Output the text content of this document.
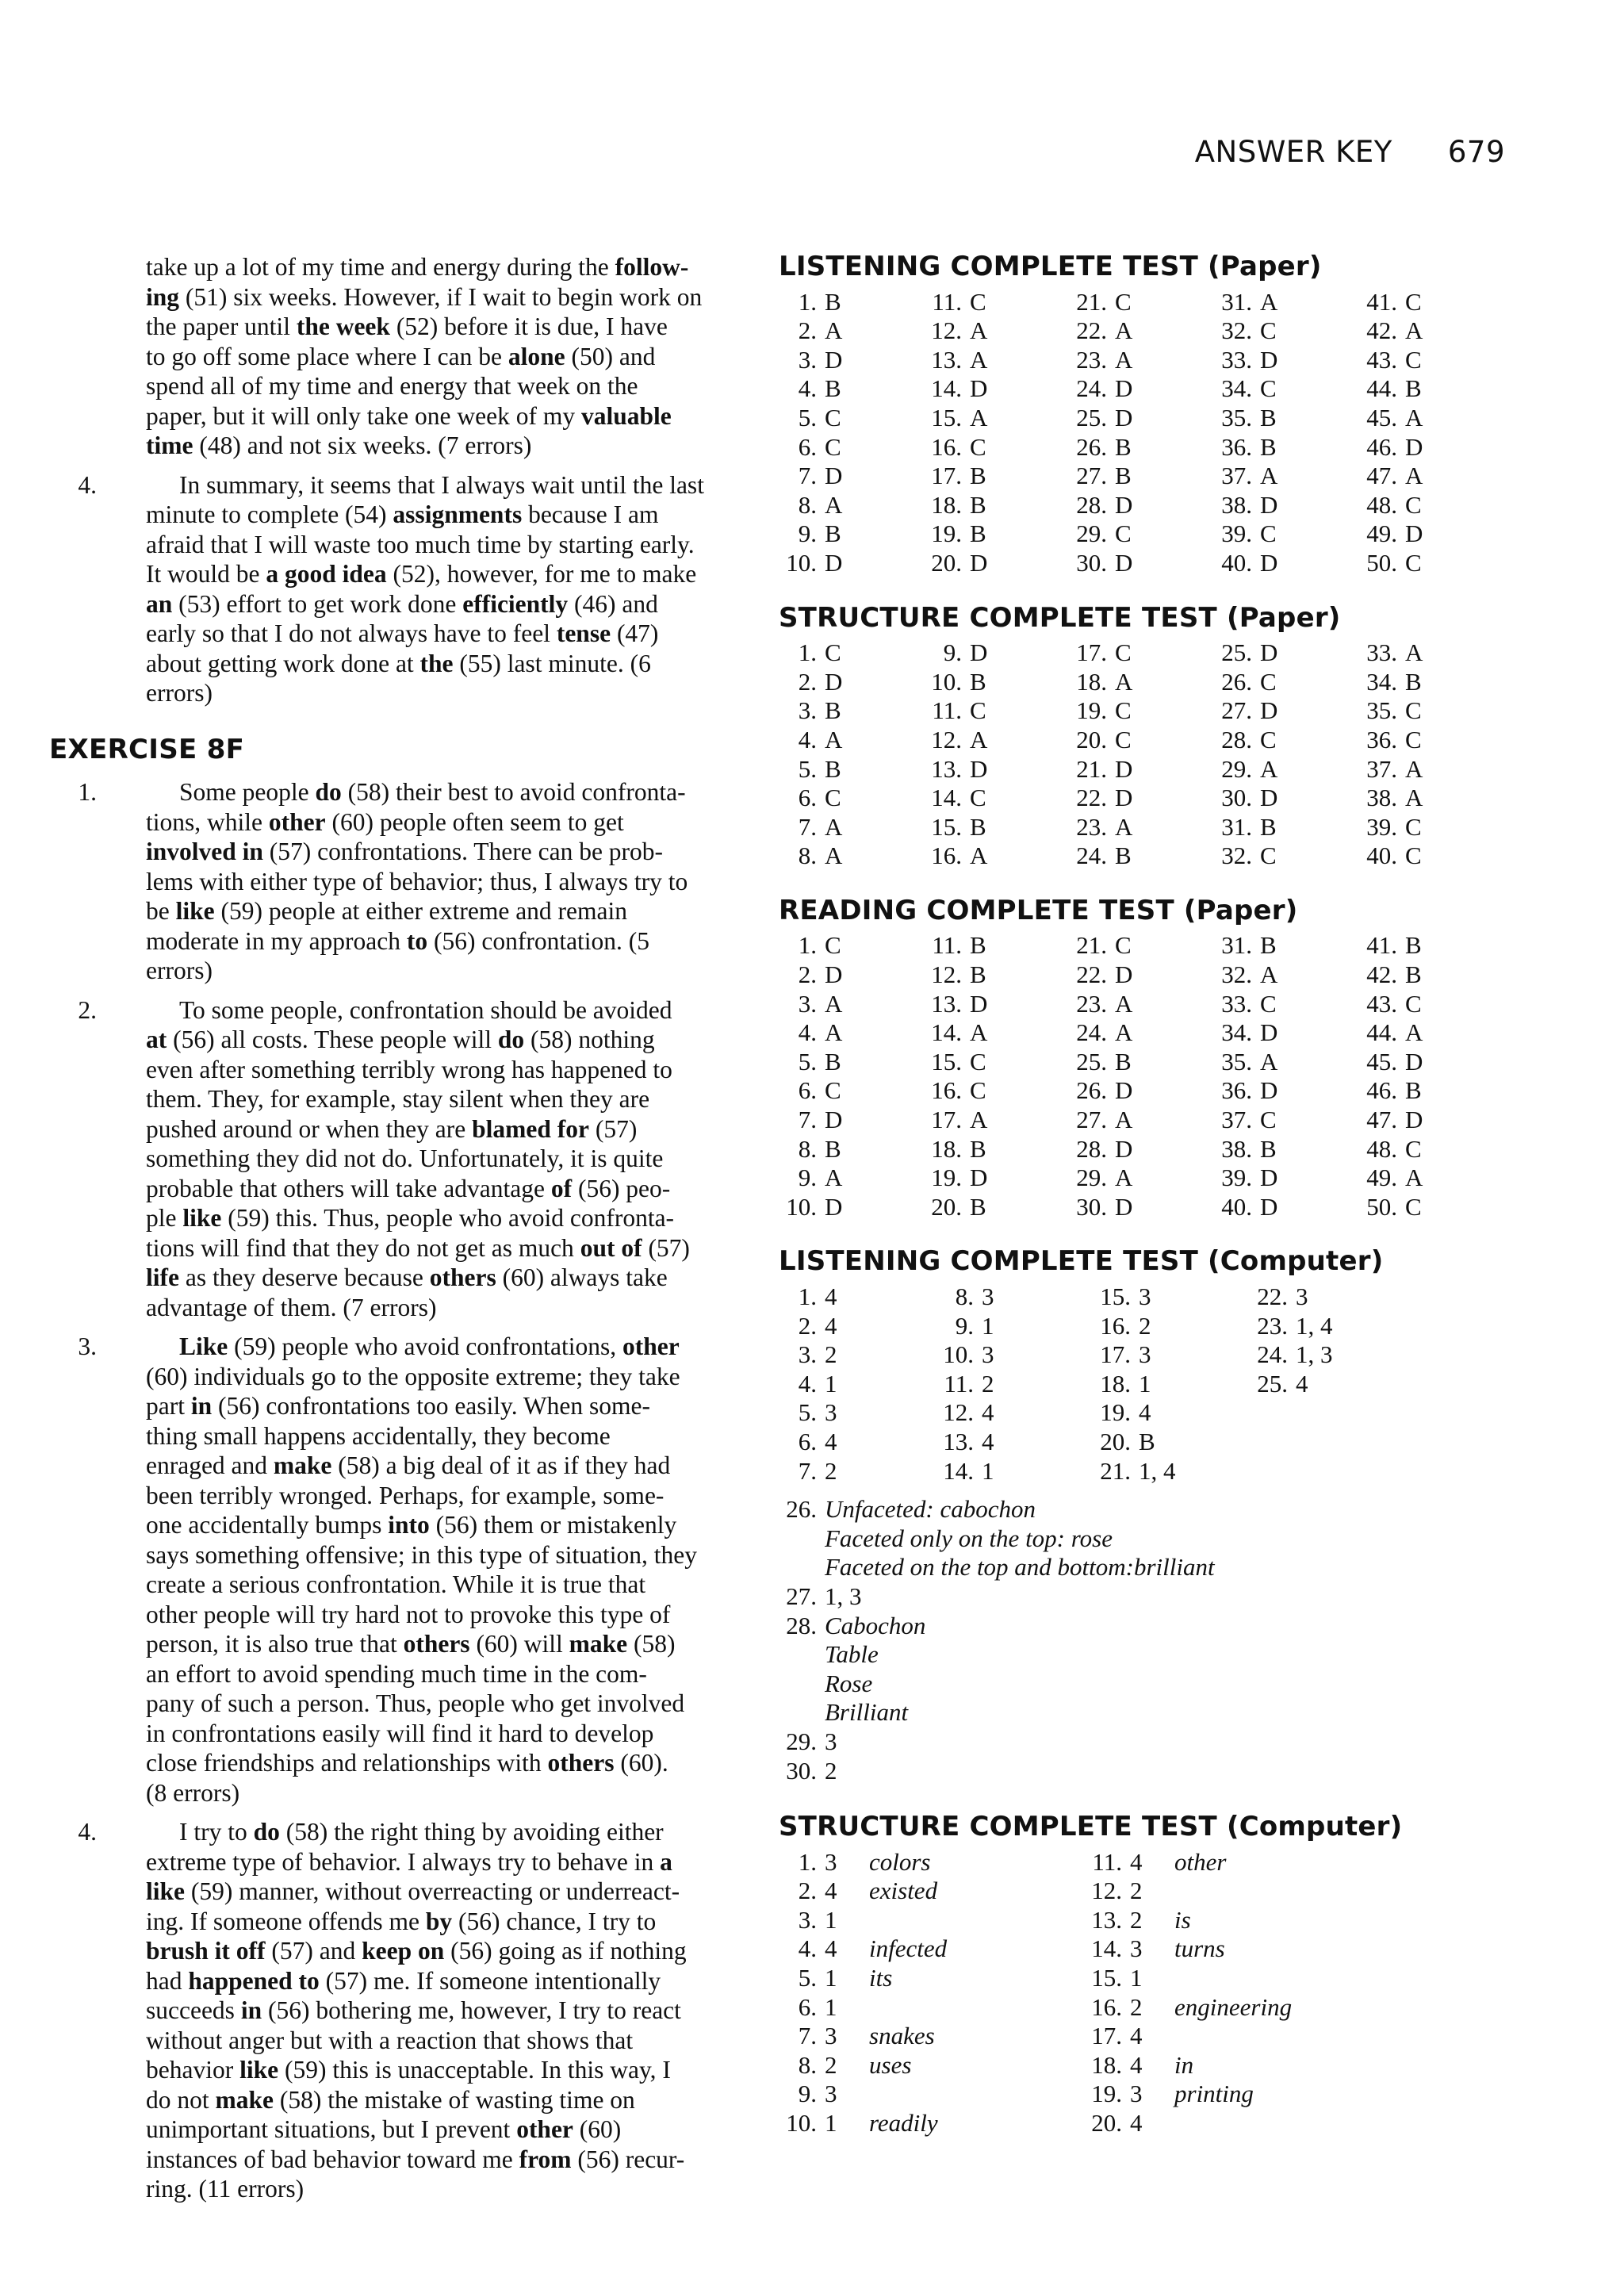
ANSWER KEY 679
take up a lot of my time and energy during the follow-
ing (51) six weeks. However, if I wait to begin work on
the paper until the week (52) before it is due, I have
to go off some place where I can be alone (50) and
spend all of my time and energy that week on the
paper, but it will only take one week of my valuable
time (48) and not six weeks. (7 errors)
4.	In summary, it seems that I always wait until the last
minute to complete (54) assignments because I am
afraid that I will waste too much time by starting early.
It would be a good idea (52), however, for me to make
an (53) effort to get work done efficiently (46) and
early so that I do not always have to feel tense (47)
about getting work done at the (55) last minute. (6
errors)
EXERCISE 8F
1.	Some people do (58) their best to avoid confronta-
tions, while other (60) people often seem to get
involved in (57) confrontations. There can be prob-
lems with either type of behavior; thus, I always try to
be like (59) people at either extreme and remain
moderate in my approach to (56) confrontation. (5
errors)
2.	To some people, confrontation should be avoided
at (56) all costs. These people will do (58) nothing
even after something terribly wrong has happened to
them. They, for example, stay silent when they are
pushed around or when they are blamed for (57)
something they did not do. Unfortunately, it is quite
probable that others will take advantage of (56) peo-
ple like (59) this. Thus, people who avoid confronta-
tions will find that they do not get as much out of (57)
life as they deserve because others (60) always take
advantage of them. (7 errors)
3.	Like (59) people who avoid confrontations, other
(60) individuals go to the opposite extreme; they take
part in (56) confrontations too easily. When some-
thing small happens accidentally, they become
enraged and make (58) a big deal of it as if they had
been terribly wronged. Perhaps, for example, some-
one accidentally bumps into (56) them or mistakenly
says something offensive; in this type of situation, they
create a serious confrontation. While it is true that
other people will try hard not to provoke this type of
person, it is also true that others (60) will make (58)
an effort to avoid spending much time in the com-
pany of such a person. Thus, people who get involved
in confrontations easily will find it hard to develop
close friendships and relationships with others (60).
(8 errors)
4.	I try to do (58) the right thing by avoiding either
extreme type of behavior. I always try to behave in a
like (59) manner, without overreacting or underreact-
ing. If someone offends me by (56) chance, I try to
brush it off (57) and keep on (56) going as if nothing
had happened to (57) me. If someone intentionally
succeeds in (56) bothering me, however, I try to react
without anger but with a reaction that shows that
behavior like (59) this is unacceptable. In this way, I
do not make (58) the mistake of wasting time on
unimportant situations, but I prevent other (60)
instances of bad behavior toward me from (56) recur-
ring. (11 errors)
LISTENING COMPLETE TEST (Paper)
1. B	11. C	21. C	31. A	41. C
2. A	12. A	22. A	32. C	42. A
3. D	13. A	23. A	33. D	43. C
4. B	14. D	24. D	34. C	44. B
5. C	15. A	25. D	35. B	45. A
6. C	16. C	26. B	36. B	46. D
7. D	17. B	27. B	37. A	47. A
8. A	18. B	28. D	38. D	48. C
9. B	19. B	29. C	39. C	49. D
10. D	20. D	30. D	40. D	50. C
STRUCTURE COMPLETE TEST (Paper)
1. C	9. D	17. C	25. D	33. A
2. D	10. B	18. A	26. C	34. B
3. B	11. C	19. C	27. D	35. C
4. A	12. A	20. C	28. C	36. C
5. B	13. D	21. D	29. A	37. A
6. C	14. C	22. D	30. D	38. A
7. A	15. B	23. A	31. B	39. C
8. A	16. A	24. B	32. C	40. C
READING COMPLETE TEST (Paper)
1. C	11. B	21. C	31. B	41. B
2. D	12. B	22. D	32. A	42. B
3. A	13. D	23. A	33. C	43. C
4. A	14. A	24. A	34. D	44. A
5. B	15. C	25. B	35. A	45. D
6. C	16. C	26. D	36. D	46. B
7. D	17. A	27. A	37. C	47. D
8. B	18. B	28. D	38. B	48. C
9. A	19. D	29. A	39. D	49. A
10. D	20. B	30. D	40. D	50. C
LISTENING COMPLETE TEST (Computer)
1. 4	8. 3	15. 3	22. 3
2. 4	9. 1	16. 2	23. 1, 4
3. 2	10. 3	17. 3	24. 1, 3
4. 1	11. 2	18. 1	25. 4
5. 3	12. 4	19. 4
6. 4	13. 4	20. B
7. 2	14. 1	21. 1, 4
26. Unfaceted: cabochon
Faceted only on the top: rose
Faceted on the top and bottom:brilliant
27. 1, 3
28. Cabochon
Table
Rose
Brilliant
29. 3
30. 2
STRUCTURE COMPLETE TEST (Computer)
1. 3	colors	11. 4	other
2. 4	existed	12. 2
3. 1	13. 2	is
4. 4	infected	14. 3	turns
5. 1	its	15. 1
6. 1	16. 2	engineering
7. 3	snakes	17. 4
8. 2	uses	18. 4	in
9. 3	19. 3	printing
10. 1	readily	20. 4
